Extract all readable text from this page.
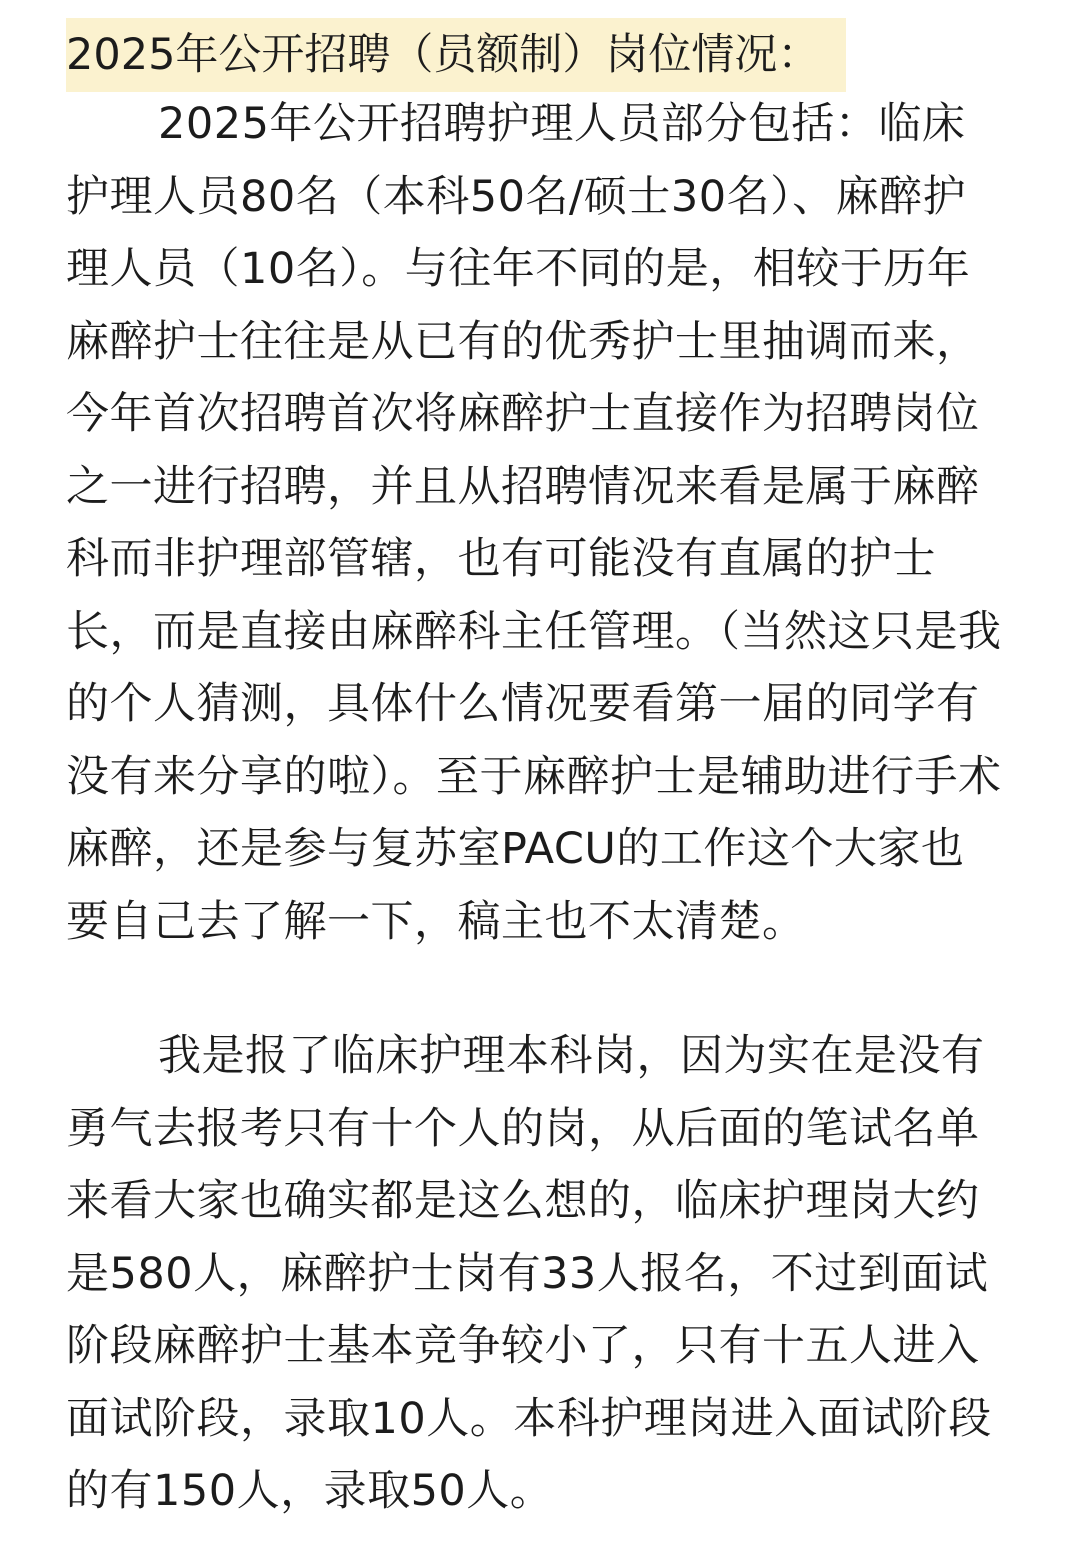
2025年公开招聘（员额制）岗位情况：

2025年公开招聘护理人员部分包括：临床护理人员80名（本科50名/硕士30名）、麻醉护理人员（10名）。与往年不同的是，相较于历年麻醉护士往往是从已有的优秀护士里抽调而来，今年首次招聘首次将麻醉护士直接作为招聘岗位之一进行招聘，并且从招聘情况来看是属于麻醉科而非护理部管辖，也有可能没有直属的护士长，而是直接由麻醉科主任管理。（当然这只是我的个人猜测，具体什么情况要看第一届的同学有没有来分享的啦）。至于麻醉护士是辅助进行手术麻醉，还是参与复苏室PACU的工作这个大家也要自己去了解一下，稿主也不太清楚。

我是报了临床护理本科岗，因为实在是没有勇气去报考只有十个人的岗，从后面的笔试名单来看大家也确实都是这么想的，临床护理岗大约是580人，麻醉护士岗有33人报名，不过到面试阶段麻醉护士基本竞争较小了，只有十五人进入面试阶段，录取10人。本科护理岗进入面试阶段的有150人，录取50人。
